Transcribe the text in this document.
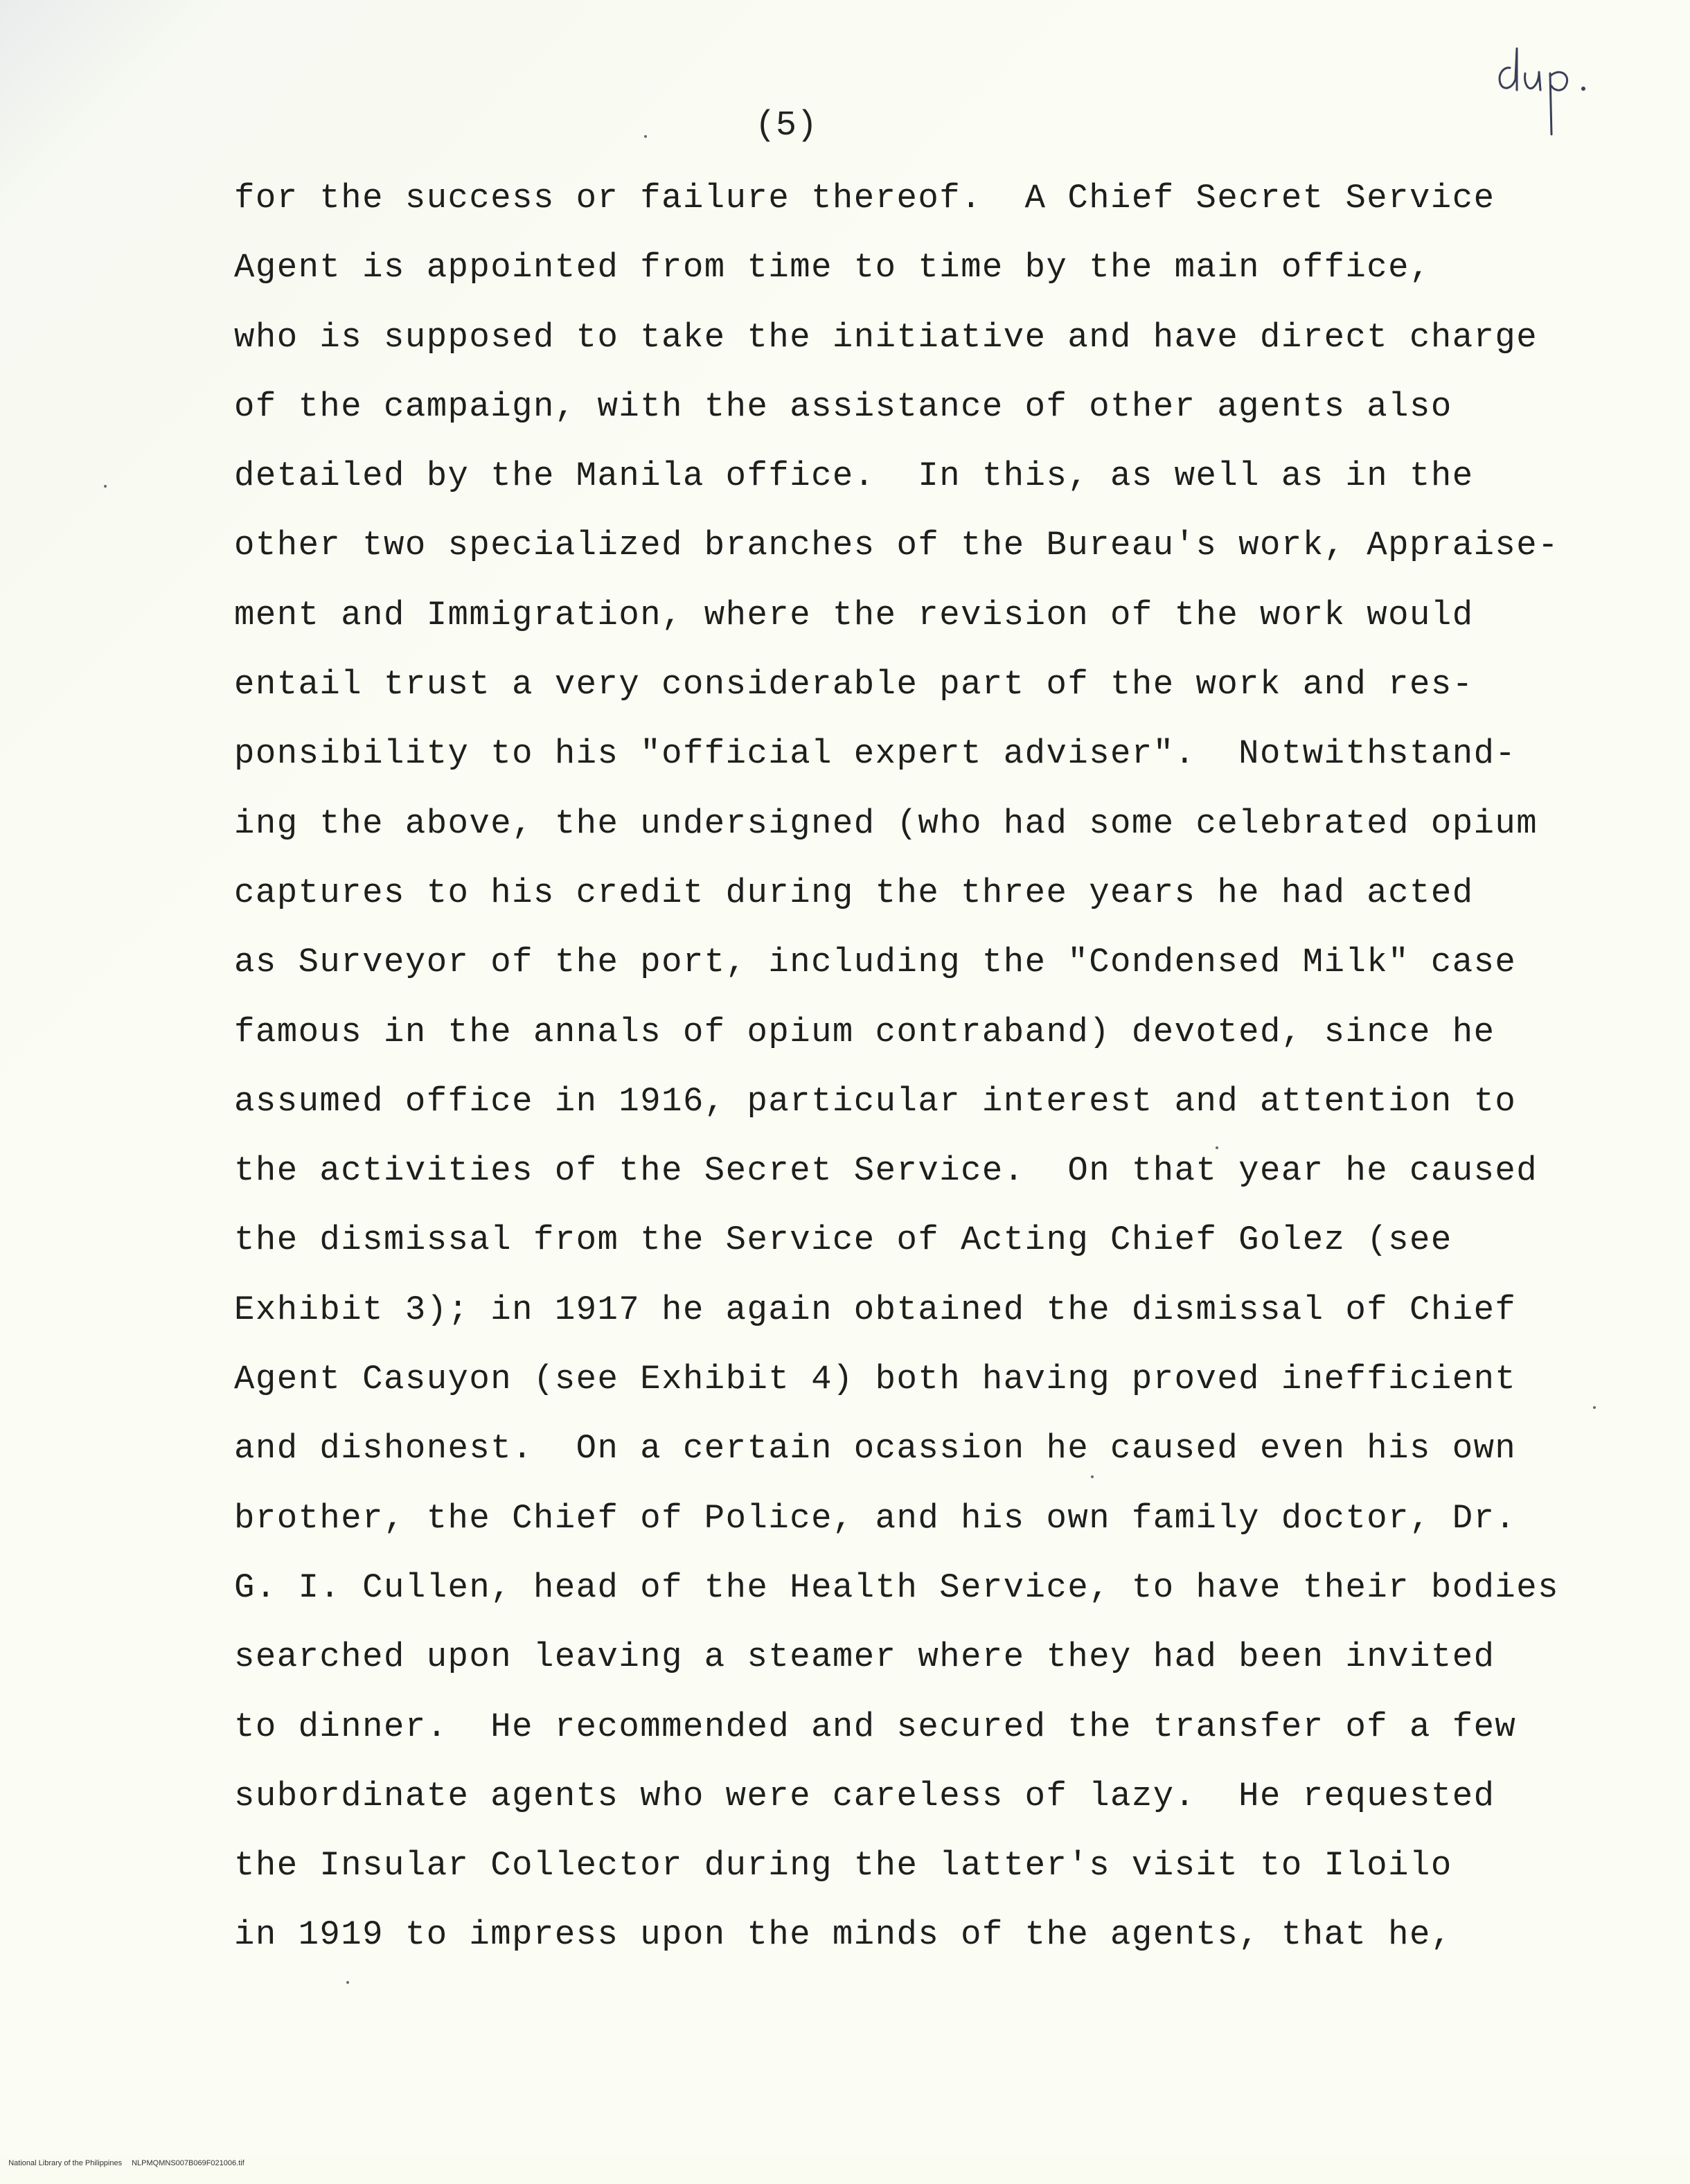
(5)
for the success or failure thereof.  A Chief Secret Service
Agent is appointed from time to time by the main office,
who is supposed to take the initiative and have direct charge
of the campaign, with the assistance of other agents also
detailed by the Manila office.  In this, as well as in the
other two specialized branches of the Bureau's work, Appraise-
ment and Immigration, where the revision of the work would
entail trust a very considerable part of the work and res-
ponsibility to his "official expert adviser".  Notwithstand-
ing the above, the undersigned (who had some celebrated opium
captures to his credit during the three years he had acted
as Surveyor of the port, including the "Condensed Milk" case
famous in the annals of opium contraband) devoted, since he
assumed office in 1916, particular interest and attention to
the activities of the Secret Service.  On that year he caused
the dismissal from the Service of Acting Chief Golez (see
Exhibit 3); in 1917 he again obtained the dismissal of Chief
Agent Casuyon (see Exhibit 4) both having proved inefficient
and dishonest.  On a certain ocassion he caused even his own
brother, the Chief of Police, and his own family doctor, Dr.
G. I. Cullen, head of the Health Service, to have their bodies
searched upon leaving a steamer where they had been invited
to dinner.  He recommended and secured the transfer of a few
subordinate agents who were careless of lazy.  He requested
the Insular Collector during the latter's visit to Iloilo
in 1919 to impress upon the minds of the agents, that he,

National Library of the Philippines NLPMQMNS007B069F021006.tif
